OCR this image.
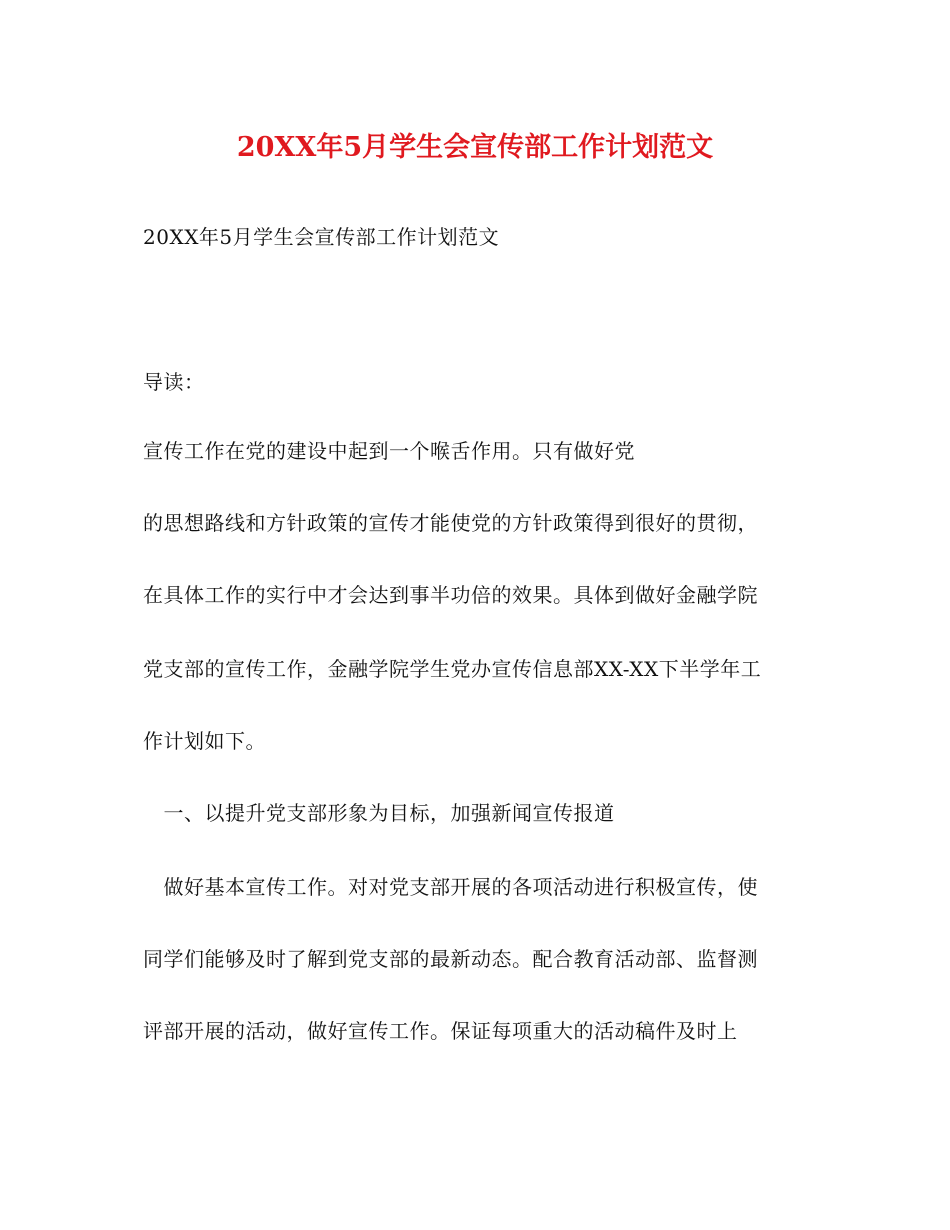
20XX年5月学生会宣传部工作计划范文
20XX年5月学生会宣传部工作计划范文
导读：
宣传工作在党的建设中起到一个喉舌作用。只有做好党
的思想路线和方针政策的宣传才能使党的方针政策得到很好的贯彻，
在具体工作的实行中才会达到事半功倍的效果。具体到做好金融学院
党支部的宣传工作，金融学院学生党办宣传信息部XX-XX下半学年工
作计划如下。
　一、以提升党支部形象为目标，加强新闻宣传报道
　做好基本宣传工作。对对党支部开展的各项活动进行积极宣传，使
同学们能够及时了解到党支部的最新动态。配合教育活动部、监督测
评部开展的活动，做好宣传工作。保证每项重大的活动稿件及时上
